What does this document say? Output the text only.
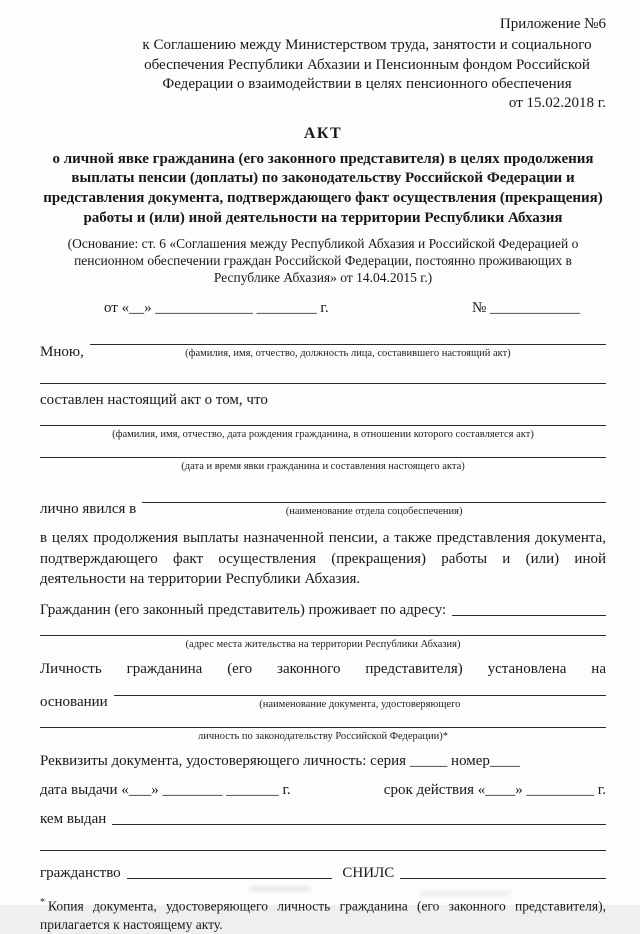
Приложение №6
к Соглашению между Министерством труда, занятости и социального обеспечения Республики Абхазии и Пенсионным фондом Российской Федерации о взаимодействии в целях пенсионного обеспечения
от 15.02.2018 г.
АКТ
о личной явке гражданина (его законного представителя) в целях продолжения выплаты пенсии (доплаты) по законодательству Российской Федерации и представления документа, подтверждающего факт осуществления (прекращения) работы и (или) иной деятельности на территории Республики Абхазия
(Основание: ст. 6 «Соглашения между Республикой Абхазия и Российской Федерацией о пенсионном обеспечении граждан Российской Федерации, постоянно проживающих в Республике Абхазия» от 14.04.2015 г.)
от «__» _____________ ________ г.	№ ____________
Мною,	(фамилия, имя, отчество, должность лица, составившего настоящий акт)
составлен настоящий акт о том, что
(фамилия, имя, отчество, дата рождения гражданина, в отношении которого составляется акт)
(дата и время явки гражданина и составления настоящего акта)
лично явился в	(наименование отдела соцобеспечения)
в целях продолжения выплаты назначенной пенсии, а также представления документа, подтверждающего факт осуществления (прекращения) работы и (или) иной деятельности на территории Республики Абхазия.
Гражданин (его законный представитель) проживает по адресу:
(адрес места жительства на территории Республики Абхазия)
Личность гражданина (его законного представителя) установлена на
основании	(наименование документа, удостоверяющего
личность по законодательству Российской Федерации)*
Реквизиты документа, удостоверяющего личность: серия _____ номер____
дата выдачи «___» ________ _______ г.	срок действия «____» _________ г.
кем выдан
гражданство	СНИЛС
* Копия документа, удостоверяющего личность гражданина (его законного представителя), прилагается к настоящему акту.
